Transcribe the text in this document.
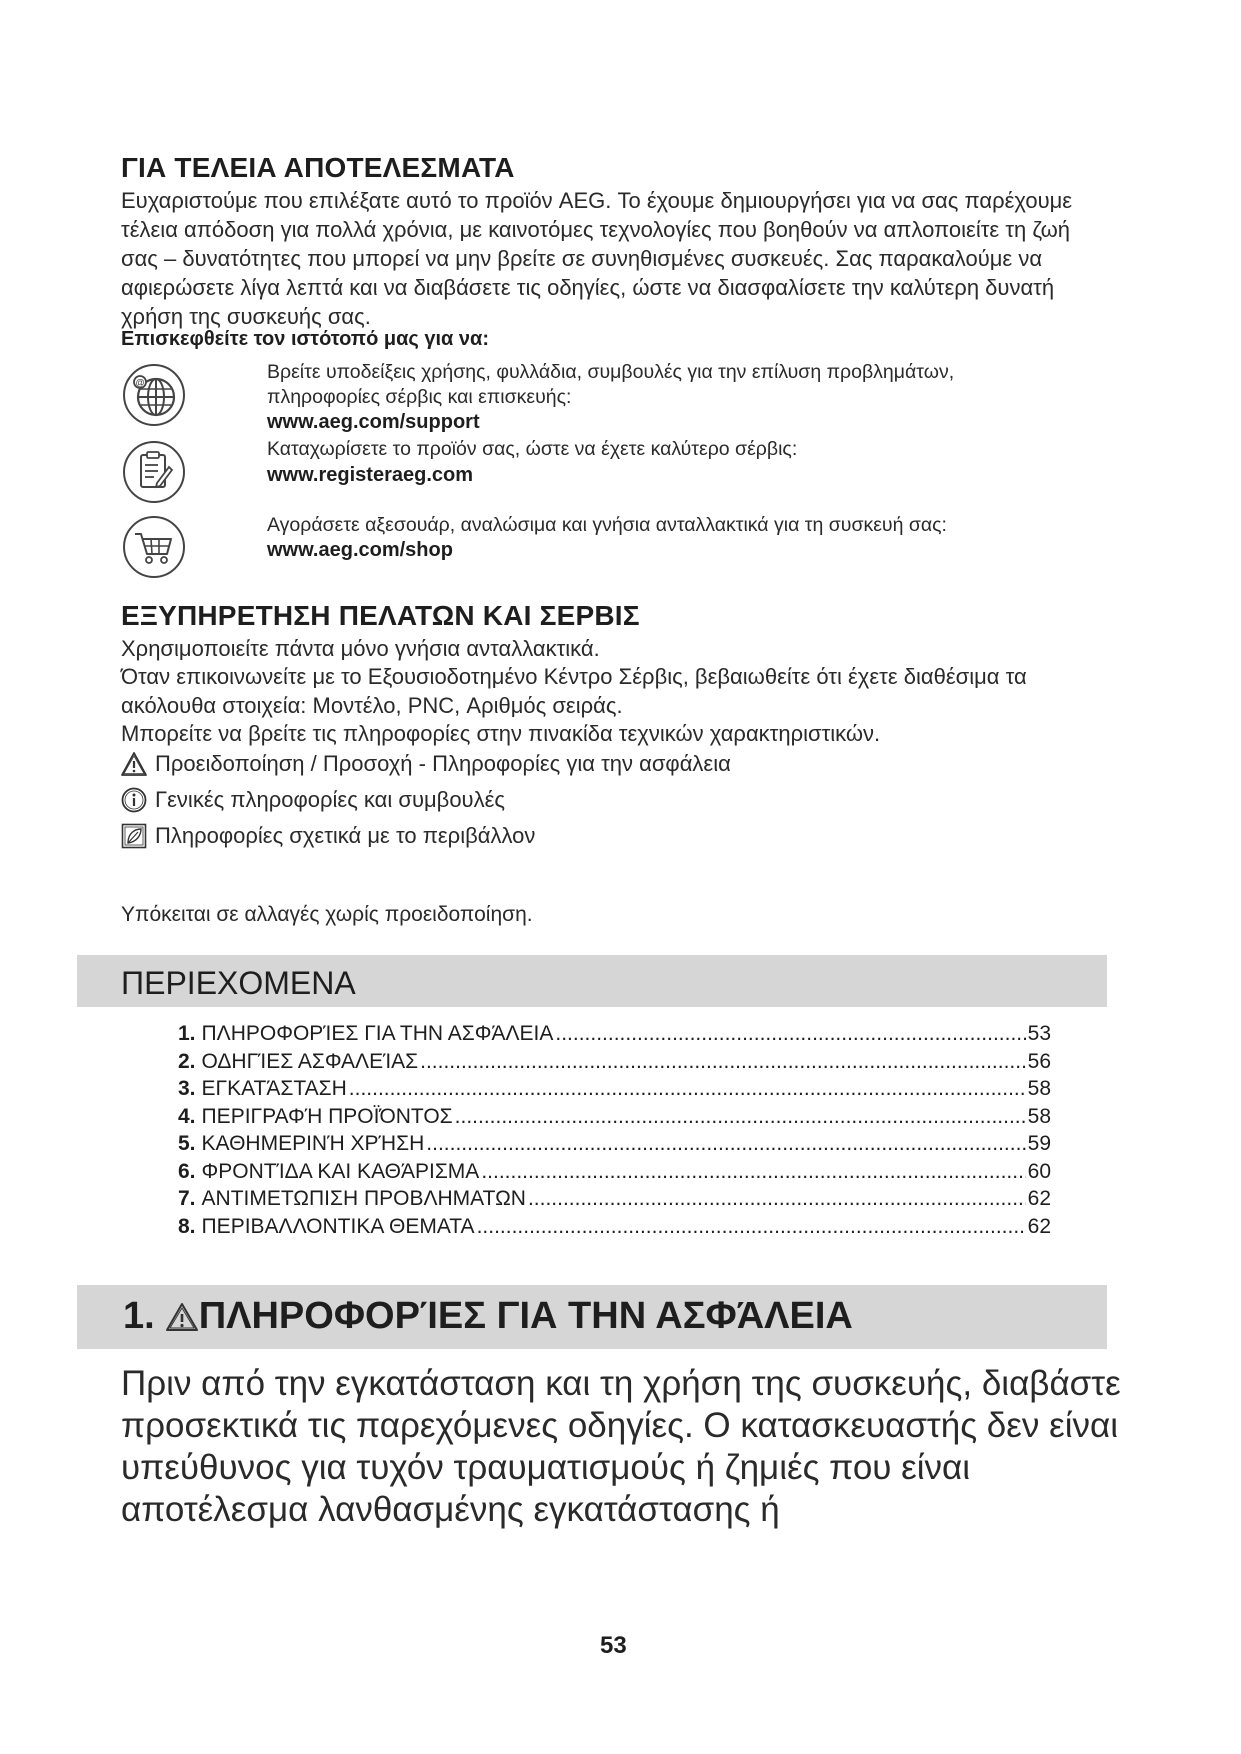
ΓΙΑ ΤΕΛΕΙΑ ΑΠΟΤΕΛΕΣΜΑΤΑ

Ευχαριστούμε που επιλέξατε αυτό το προϊόν AEG. Το έχουμε δημιουργήσει για να σας παρέχουμε τέλεια απόδοση για πολλά χρόνια, με καινοτόμες τεχνολογίες που βοηθούν να απλοποιείτε τη ζωή σας – δυνατότητες που μπορεί να μην βρείτε σε συνηθισμένες συσκευές. Σας παρακαλούμε να αφιερώσετε λίγα λεπτά και να διαβάσετε τις οδηγίες, ώστε να διασφαλίσετε την καλύτερη δυνατή χρήση της συσκευής σας.

Επισκεφθείτε τον ιστότοπό μας για να:
@	Βρείτε υποδείξεις χρήσης, φυλλάδια, συμβουλές για την επίλυση προβλημάτων, πληροφορίες σέρβις και επισκευής:
www.aeg.com/support
Καταχωρίσετε το προϊόν σας, ώστε να έχετε καλύτερο σέρβις:
www.registeraeg.com
Αγοράσετε αξεσουάρ, αναλώσιμα και γνήσια ανταλλακτικά για τη συσκευή σας:
www.aeg.com/shop
ΕΞΥΠΗΡΕΤΗΣΗ ΠΕΛΑΤΩΝ ΚΑΙ ΣΕΡΒΙΣ

Χρησιμοποιείτε πάντα μόνο γνήσια ανταλλακτικά.

Όταν επικοινωνείτε με το Εξουσιοδοτημένο Κέντρο Σέρβις, βεβαιωθείτε ότι έχετε διαθέσιμα τα ακόλουθα στοιχεία: Μοντέλο, PNC, Αριθμός σειράς.

Μπορείτε να βρείτε τις πληροφορίες στην πινακίδα τεχνικών χαρακτηριστικών.

Προειδοποίηση / Προσοχή - Πληροφορίες για την ασφάλεια
Γενικές πληροφορίες και συμβουλές
Πληροφορίες σχετικά με το περιβάλλον
Υπόκειται σε αλλαγές χωρίς προειδοποίηση.
ΠΕΡΙΕΧΟΜΕΝΑ
1. ΠΛΗΡΟΦΟΡΊΕΣ ΓΙΑ ΤΗΝ ΑΣΦΆΛΕΙΑ .....	53
2. ΟΔΗΓΊΕΣ ΑΣΦΑΛΕΊΑΣ .....	56
3. ΕΓΚΑΤΆΣΤΑΣΗ .....	58
4. ΠΕΡΙΓΡΑΦΉ ΠΡΟΪΌΝΤΟΣ .....	58
5. ΚΑΘΗΜΕΡΙΝΉ ΧΡΉΣΗ .....	59
6. ΦΡΟΝΤΊΔΑ ΚΑΙ ΚΑΘΆΡΙΣΜΑ .....	60
7. ΑΝΤΙΜΕΤΩΠΙΣΗ ΠΡΟΒΛΗΜΑΤΩΝ .....	62
8. ΠΕΡΙΒΑΛΛΟΝΤΙΚΑ ΘΕΜΑΤΑ .....	62
1. ΠΛΗΡΟΦΟΡΊΕΣ ΓΙΑ ΤΗΝ ΑΣΦΆΛΕΙΑ

Πριν από την εγκατάσταση και τη χρήση της συσκευής, διαβάστε προσεκτικά τις παρεχόμενες οδηγίες. Ο κατασκευαστής δεν είναι υπεύθυνος για τυχόν τραυματισμούς ή ζημιές που είναι αποτέλεσμα λανθασμένης εγκατάστασης ή

53
